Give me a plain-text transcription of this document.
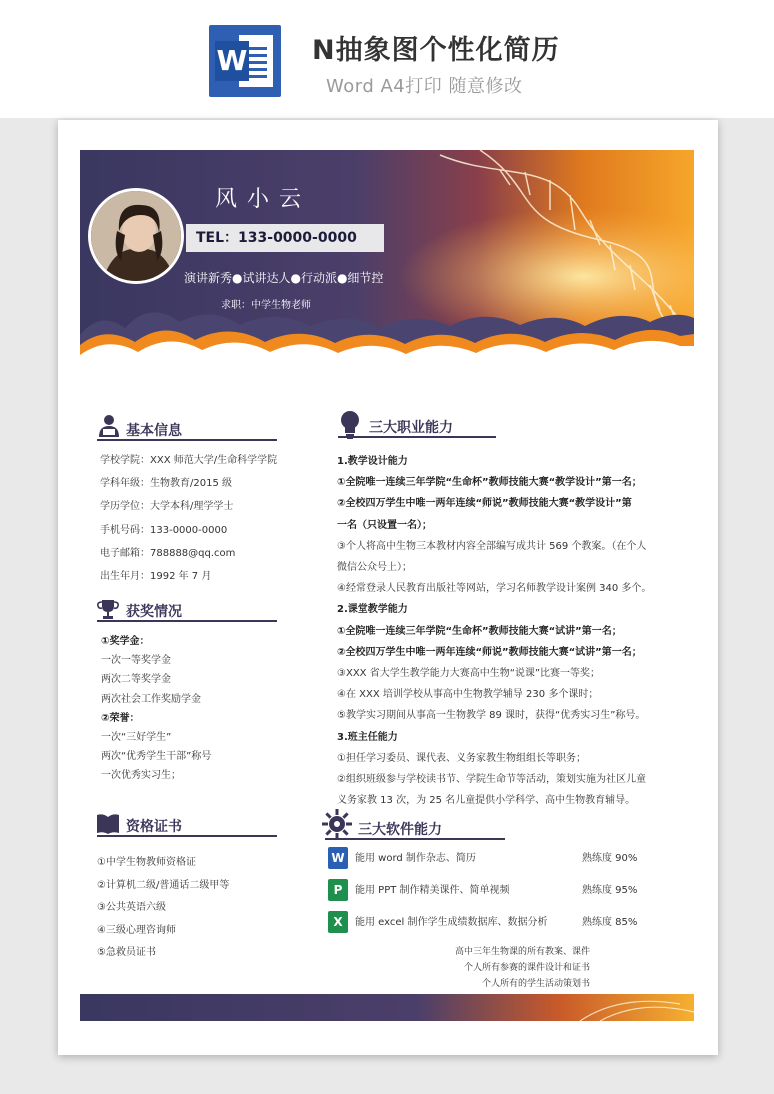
W N抽象图个性化简历
Word A4打印 随意修改
风小云
TEL：133-0000-0000
演讲新秀●试讲达人●行动派●细节控
求职：中学生物老师
基本信息
学校学院：XXX 师范大学/生命科学学院
学科年级：生物教育/2015 级
学历学位：大学本科/理学学士
手机号码：133-0000-0000
电子邮箱：788888@qq.com
出生年月：1992 年 7 月
获奖情况
①奖学金：
一次一等奖学金
两次二等奖学金
两次社会工作奖励学金
②荣誉：
一次“三好学生”
两次“优秀学生干部”称号
一次优秀实习生；
资格证书
①中学生物教师资格证
②计算机二级/普通话二级甲等
③公共英语六级
④三级心理咨询师
⑤急救员证书
三大职业能力
1.教学设计能力
①全院唯一连续三年学院“生命杯”教师技能大赛“教学设计”第一名；
②全校四万学生中唯一两年连续“师说”教师技能大赛“教学设计”第
一名（只设置一名）；
③个人将高中生物三本教材内容全部编写成共计 569 个教案。（在个人
微信公众号上）；
④经常登录人民教育出版社等网站，学习名师教学设计案例 340 多个。
2.课堂教学能力
①全院唯一连续三年学院“生命杯”教师技能大赛“试讲”第一名；
②全校四万学生中唯一两年连续“师说”教师技能大赛“试讲”第一名；
③XXX 省大学生教学能力大赛高中生物“说课”比赛一等奖；
④在 XXX 培训学校从事高中生物教学辅导 230 多个课时；
⑤教学实习期间从事高一生物教学 89 课时，获得“优秀实习生”称号。
3.班主任能力
①担任学习委员、课代表、义务家教生物组组长等职务；
②组织班级参与学校读书节、学院生命节等活动，策划实施为社区儿童
义务家教 13 次，为 25 名儿童提供小学科学、高中生物教育辅导。
三大软件能力
W	能用 word 制作杂志、简历	熟练度 90%
P	能用 PPT 制作精美课件、简单视频	熟练度 95%
X	能用 excel 制作学生成绩数据库、数据分析	熟练度 85%
高中三年生物课的所有教案、课件
个人所有参赛的课件设计和证书
个人所有的学生活动策划书
